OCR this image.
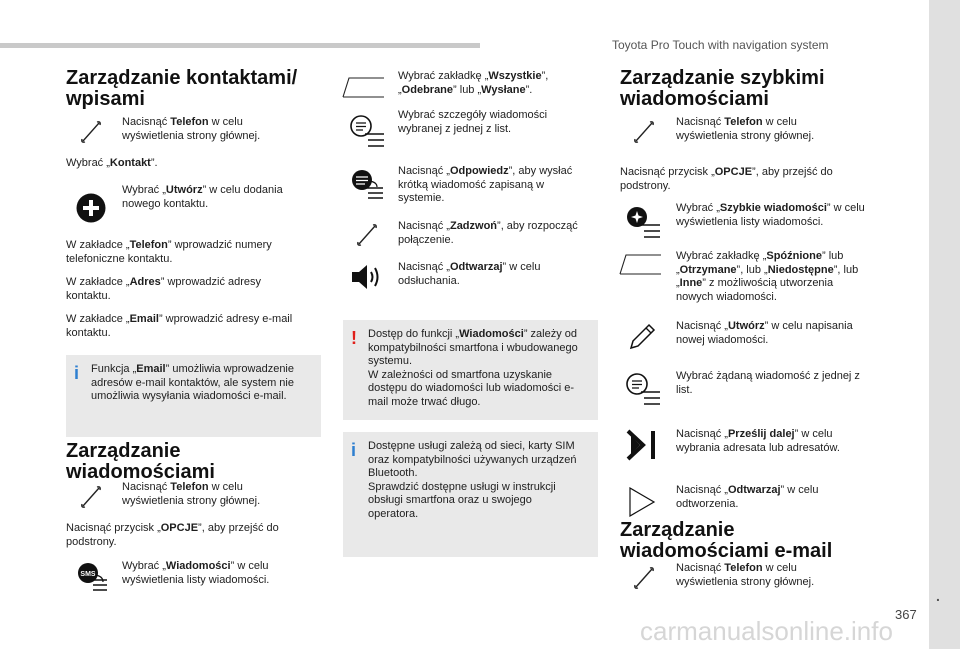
Toyota Pro Touch with navigation system
.
367
carmanualsonline.info
Zarządzanie kontaktami/ wpisami
Nacisnąć Telefon w celu wyświetlenia strony głównej.
Wybrać „Kontakt”.
Wybrać „Utwórz” w celu dodania nowego kontaktu.
W zakładce „Telefon” wprowadzić numery telefoniczne kontaktu.
W zakładce „Adres” wprowadzić adresy kontaktu.
W zakładce „Email” wprowadzić adresy e-mail kontaktu.
i Funkcja „Email” umożliwia wprowadzenie adresów e-mail kontaktów, ale system nie umożliwia wysyłania wiadomości e-mail.
Zarządzanie wiadomościami
Nacisnąć Telefon w celu wyświetlenia strony głównej.
Nacisnąć przycisk „OPCJE”, aby przejść do podstrony.
SMS
Wybrać „Wiadomości” w celu wyświetlenia listy wiadomości.
Wybrać zakładkę „Wszystkie”, „Odebrane” lub „Wysłane”.
Wybrać szczegóły wiadomości wybranej z jednej z list.
Nacisnąć „Odpowiedz”, aby wysłać krótką wiadomość zapisaną w systemie.
Nacisnąć „Zadzwoń”, aby rozpocząć połączenie.
Nacisnąć „Odtwarzaj” w celu odsłuchania.
! Dostęp do funkcji „Wiadomości” zależy od kompatybilności smartfona i wbudowanego systemu.
W zależności od smartfona uzyskanie dostępu do wiadomości lub wiadomości e-mail może trwać długo.
i Dostępne usługi zależą od sieci, karty SIM oraz kompatybilności używanych urządzeń Bluetooth.
Sprawdzić dostępne usługi w instrukcji obsługi smartfona oraz u swojego operatora.
Zarządzanie szybkimi wiadomościami
Nacisnąć Telefon w celu wyświetlenia strony głównej.
Nacisnąć przycisk „OPCJE”, aby przejść do podstrony.
Wybrać „Szybkie wiadomości” w celu wyświetlenia listy wiadomości.
Wybrać zakładkę „Spóźnione” lub „Otrzymane”, lub „Niedostępne”, lub „Inne” z możliwością utworzenia nowych wiadomości.
Nacisnąć „Utwórz” w celu napisania nowej wiadomości.
Wybrać żądaną wiadomość z jednej z list.
Nacisnąć „Prześlij dalej” w celu wybrania adresata lub adresatów.
Nacisnąć „Odtwarzaj” w celu odtworzenia.
Zarządzanie wiadomościami e-mail
Nacisnąć Telefon w celu wyświetlenia strony głównej.
